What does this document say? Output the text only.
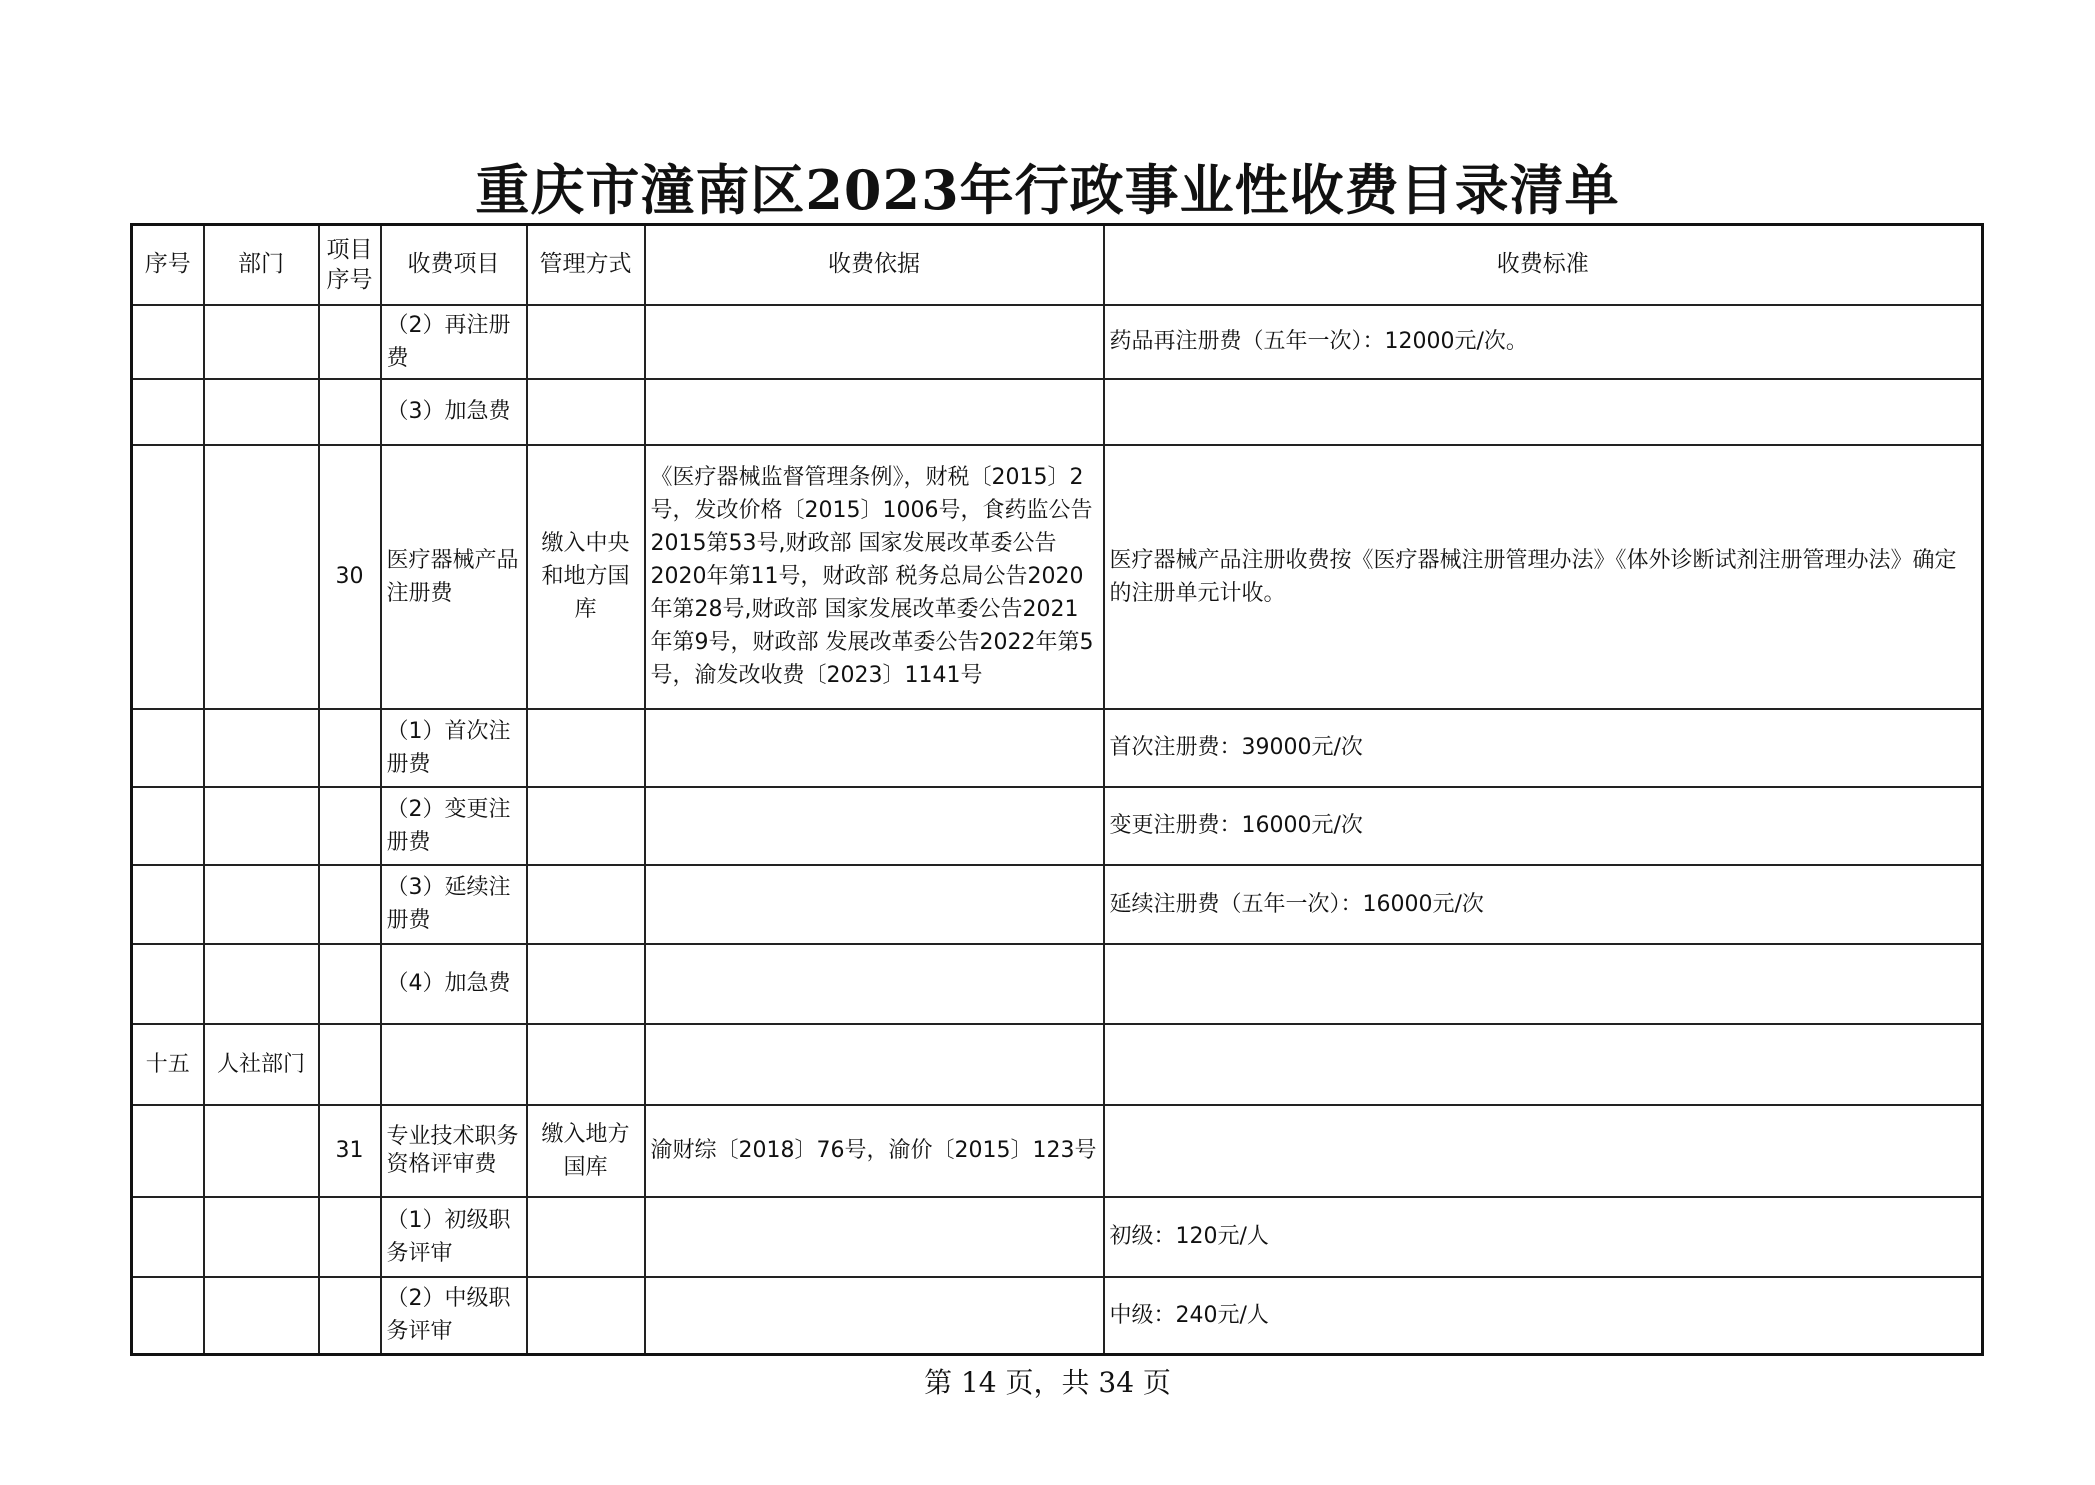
重庆市潼南区2023年行政事业性收费目录清单
序号	部门	项目序号	收费项目	管理方式	收费依据	收费标准
			（2）再注册费			药品再注册费（五年一次）：12000元/次。
			（3）加急费			
		30	医疗器械产品注册费	缴入中央和地方国库	《医疗器械监督管理条例》，财税〔2015〕2号，发改价格〔2015〕1006号，食药监公告2015第53号,财政部 国家发展改革委公告2020年第11号，财政部 税务总局公告2020年第28号,财政部 国家发展改革委公告2021年第9号，财政部 发展改革委公告2022年第5号，渝发改收费〔2023〕1141号	医疗器械产品注册收费按《医疗器械注册管理办法》《体外诊断试剂注册管理办法》确定的注册单元计收。
			（1）首次注册费			首次注册费：39000元/次
			（2）变更注册费			变更注册费：16000元/次
			（3）延续注册费			延续注册费（五年一次）：16000元/次
			（4）加急费			
十五	人社部门					
		31	专业技术职务资格评审费	缴入地方国库	渝财综〔2018〕76号，渝价〔2015〕123号	
			（1）初级职务评审			初级：120元/人
			（2）中级职务评审			中级：240元/人
第 14 页，共 34 页
